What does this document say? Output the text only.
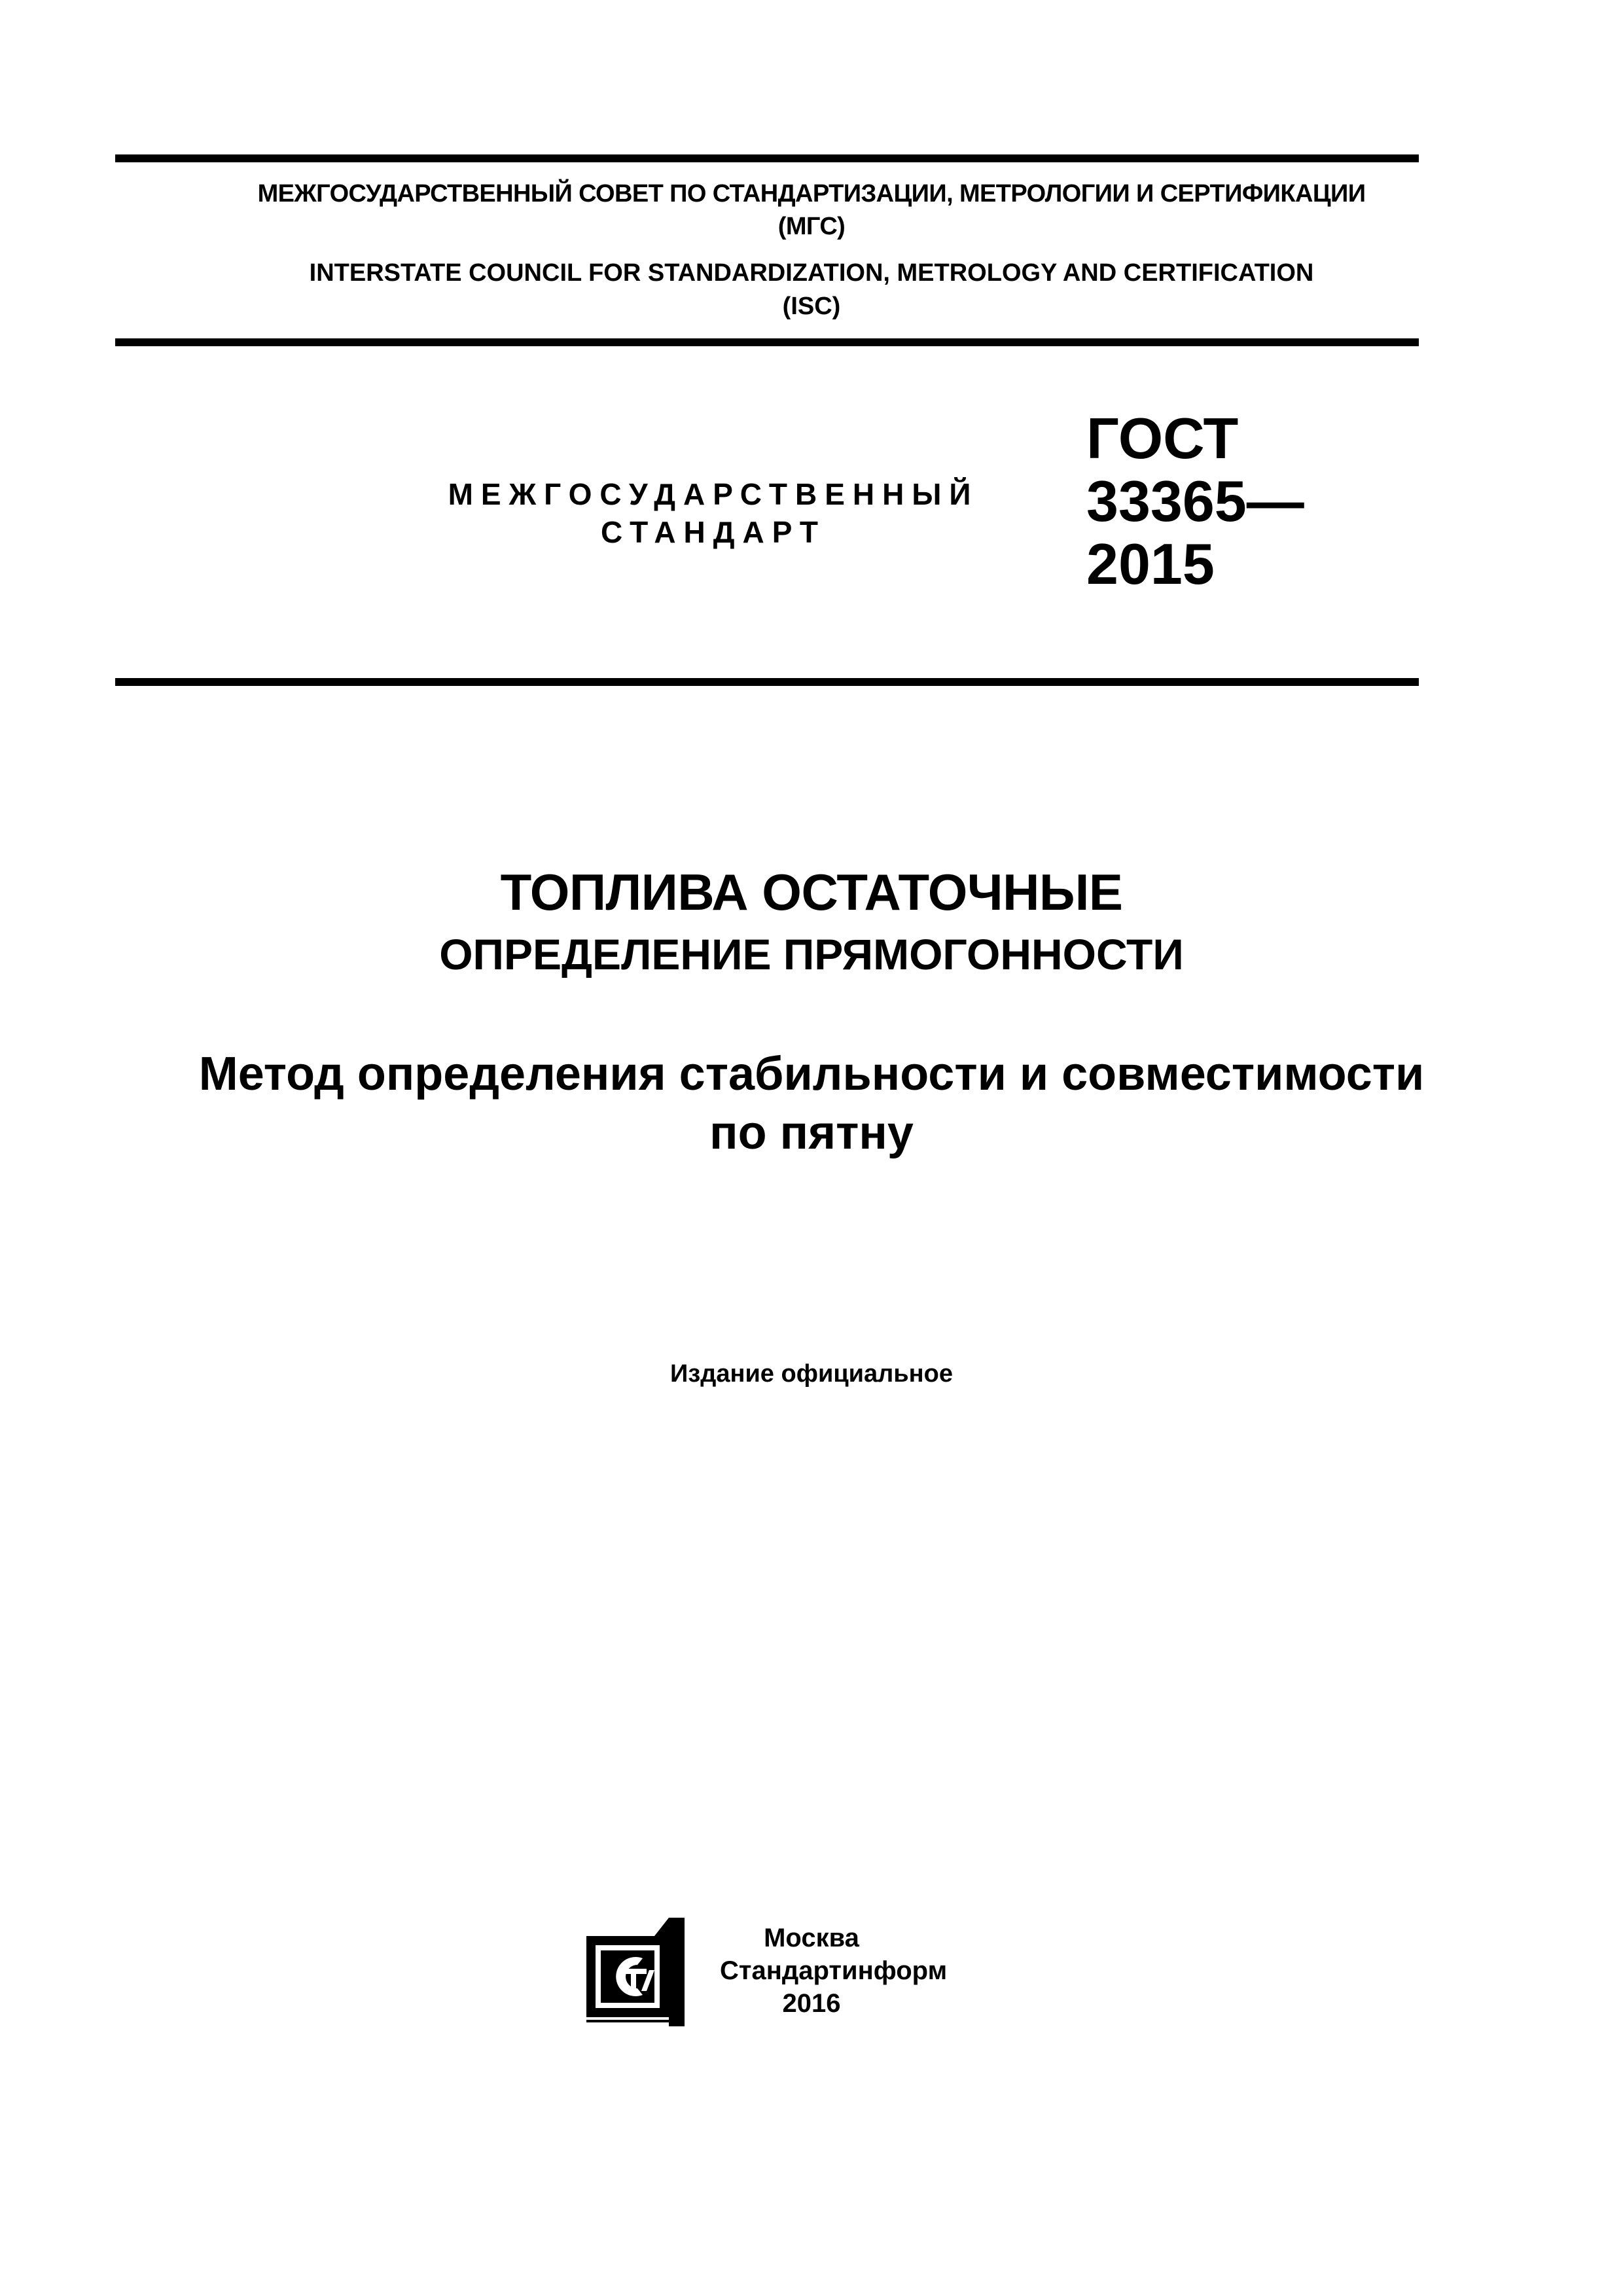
МЕЖГОСУДАРСТВЕННЫЙ СОВЕТ ПО СТАНДАРТИЗАЦИИ, МЕТРОЛОГИИ И СЕРТИФИКАЦИИ
(МГС)
INTERSTATE COUNCIL FOR STANDARDIZATION, METROLOGY AND CERTIFICATION
(ISC)
МЕЖГОСУДАРСТВЕННЫЙ
СТАНДАРТ
ГОСТ
33365—
2015
ТОПЛИВА ОСТАТОЧНЫЕ
ОПРЕДЕЛЕНИЕ ПРЯМОГОННОСТИ
Метод определения стабильности и совместимости
по пятну
Издание официальное
Москва
Стандартинформ
2016
